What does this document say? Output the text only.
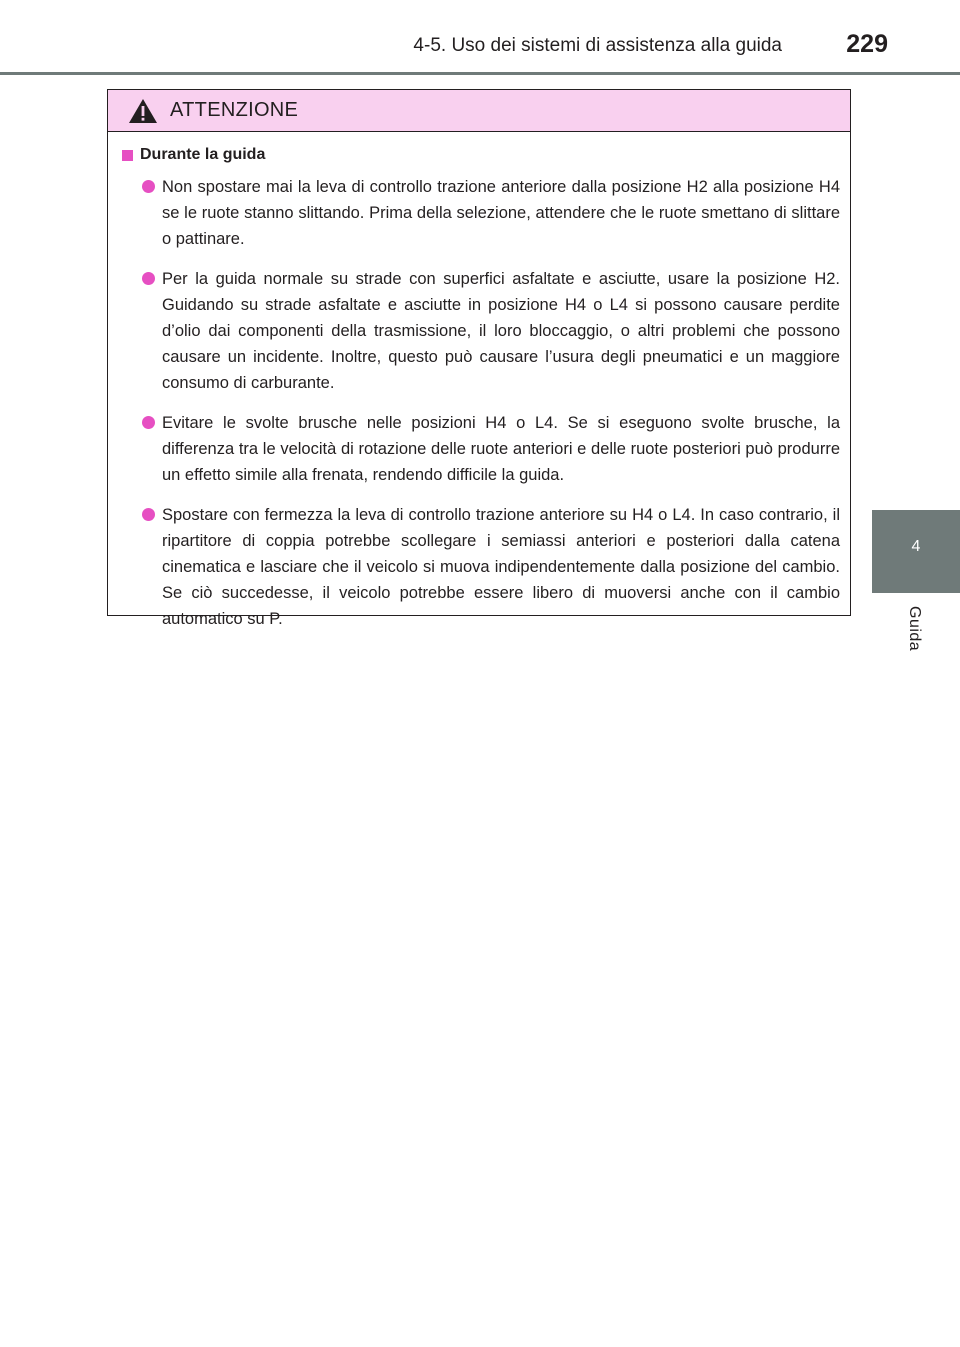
4-5. Uso dei sistemi di assistenza alla guida	229
4
Guida
ATTENZIONE
Durante la guida
Non spostare mai la leva di controllo trazione anteriore dalla posizione H2 alla posizione H4 se le ruote stanno slittando. Prima della selezione, attendere che le ruote smettano di slittare o pattinare.
Per la guida normale su strade con superfici asfaltate e asciutte, usare la posizione H2. Guidando su strade asfaltate e asciutte in posizione H4 o L4 si possono causare perdite d’olio dai componenti della trasmissione, il loro bloccaggio, o altri problemi che possono causare un incidente. Inoltre, questo può causare l’usura degli pneumatici e un maggiore consumo di carburante.
Evitare le svolte brusche nelle posizioni H4 o L4. Se si eseguono svolte brusche, la differenza tra le velocità di rotazione delle ruote anteriori e delle ruote posteriori può produrre un effetto simile alla frenata, rendendo difficile la guida.
Spostare con fermezza la leva di controllo trazione anteriore su H4 o L4. In caso contrario, il ripartitore di coppia potrebbe scollegare i semiassi anteriori e posteriori dalla catena cinematica e lasciare che il veicolo si muova indipendentemente dalla posizione del cambio. Se ciò succedesse, il veicolo potrebbe essere libero di muoversi anche con il cambio automatico su P.
